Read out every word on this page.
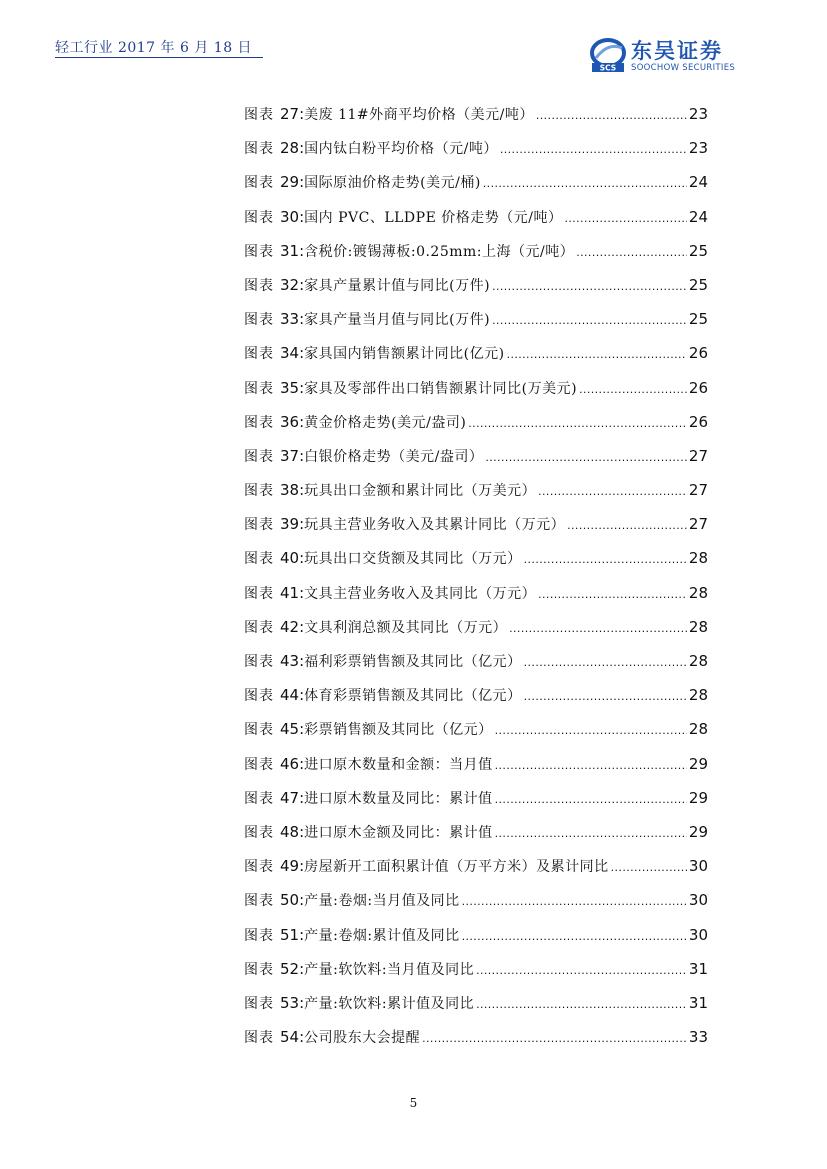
轻工行业 2017 年 6 月 18 日
SCS
东吴证券
SOOCHOW SECURITIES
图表 27: 美废 11#外商平均价格（美元/吨） .....	23
图表 28: 国内钛白粉平均价格（元/吨） .....	23
图表 29: 国际原油价格走势(美元/桶) .....	24
图表 30: 国内 PVC、LLDPE 价格走势（元/吨） .....	24
图表 31: 含税价:镀锡薄板:0.25mm:上海（元/吨） .....	25
图表 32: 家具产量累计值与同比(万件) .....	25
图表 33: 家具产量当月值与同比(万件) .....	25
图表 34: 家具国内销售额累计同比(亿元) .....	26
图表 35: 家具及零部件出口销售额累计同比(万美元) .....	26
图表 36: 黄金价格走势(美元/盎司) .....	26
图表 37: 白银价格走势（美元/盎司） .....	27
图表 38: 玩具出口金额和累计同比（万美元） .....	27
图表 39: 玩具主营业务收入及其累计同比（万元） .....	27
图表 40: 玩具出口交货额及其同比（万元） .....	28
图表 41: 文具主营业务收入及其同比（万元） .....	28
图表 42: 文具利润总额及其同比（万元） .....	28
图表 43: 福利彩票销售额及其同比（亿元） .....	28
图表 44: 体育彩票销售额及其同比（亿元） .....	28
图表 45: 彩票销售额及其同比（亿元） .....	28
图表 46: 进口原木数量和金额：当月值 .....	29
图表 47: 进口原木数量及同比：累计值 .....	29
图表 48: 进口原木金额及同比：累计值 .....	29
图表 49: 房屋新开工面积累计值（万平方米）及累计同比 .....	30
图表 50: 产量:卷烟:当月值及同比 .....	30
图表 51: 产量:卷烟:累计值及同比 .....	30
图表 52: 产量:软饮料:当月值及同比 .....	31
图表 53: 产量:软饮料:累计值及同比 .....	31
图表 54: 公司股东大会提醒 .....	33
5
